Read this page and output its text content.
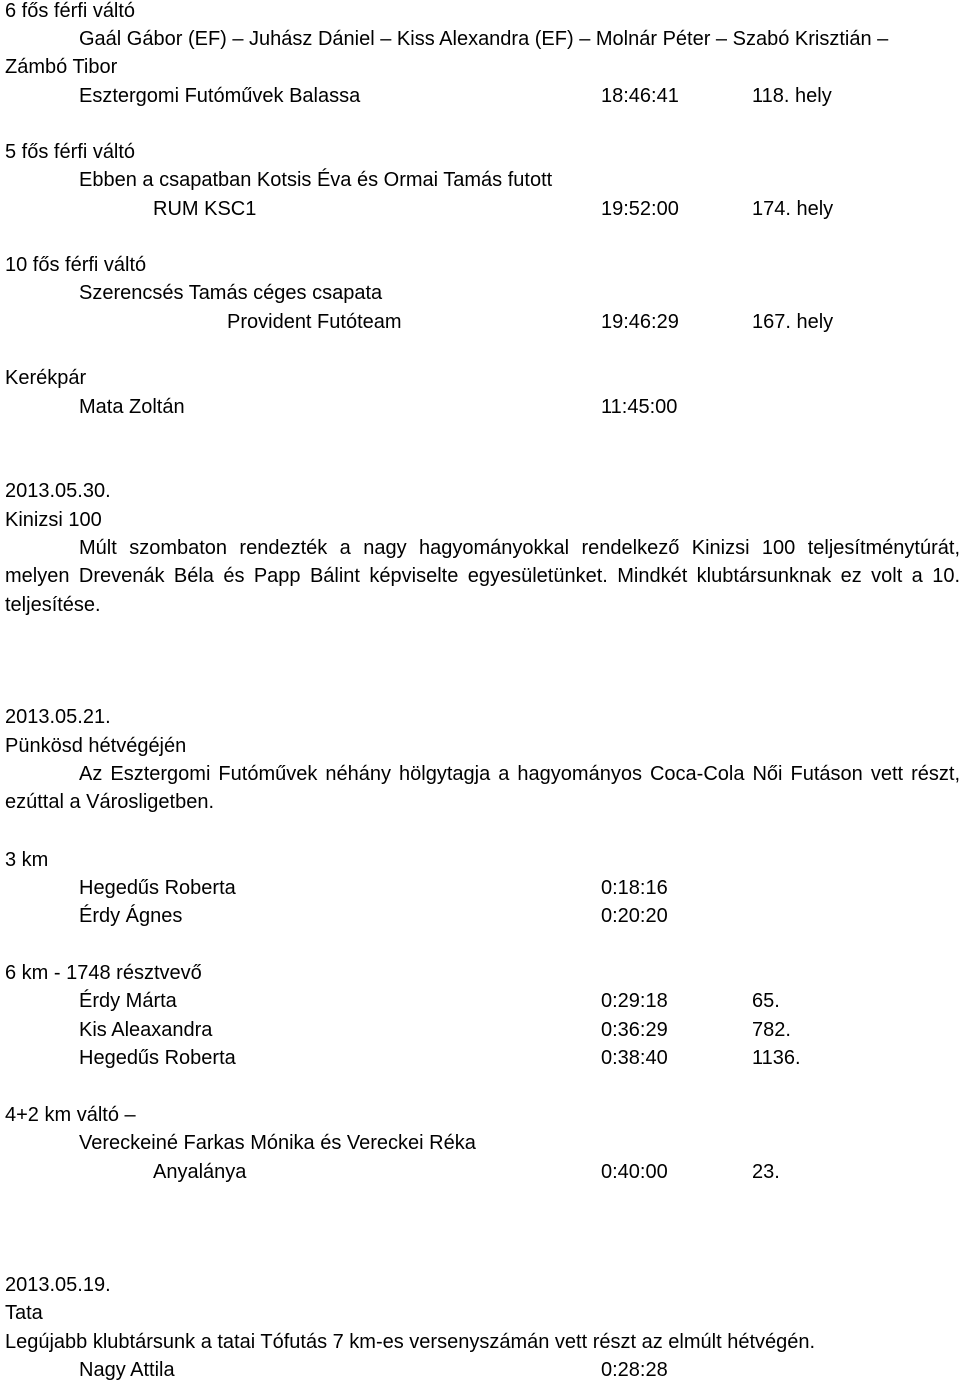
6 fős férfi váltó
Gaál Gábor (EF) – Juhász Dániel – Kiss Alexandra (EF) – Molnár Péter – Szabó Krisztián –
Zámbó Tibor
Esztergomi Futóművek Balassa	18:46:41	118. hely
5 fős férfi váltó
Ebben a csapatban Kotsis Éva és Ormai Tamás futott
RUM KSC1	19:52:00	174. hely
10 fős férfi váltó
Szerencsés Tamás céges csapata
Provident Futóteam	19:46:29	167. hely
Kerékpár
Mata Zoltán	11:45:00
2013.05.30.
Kinizsi 100
Múlt szombaton rendezték a nagy hagyományokkal rendelkező Kinizsi 100 teljesítménytúrát, melyen Drevenák Béla és Papp Bálint képviselte egyesületünket. Mindkét klubtársunknak ez volt a 10. teljesítése.
2013.05.21.
Pünkösd hétvégéjén
Az Esztergomi Futóművek néhány hölgytagja a hagyományos Coca-Cola Női Futáson vett részt, ezúttal a Városligetben.
3 km
Hegedűs Roberta	0:18:16
Érdy Ágnes	0:20:20
6 km - 1748 résztvevő
Érdy Márta	0:29:18	65.
Kis Aleaxandra	0:36:29	782.
Hegedűs Roberta	0:38:40	1136.
4+2 km váltó –
Vereckeiné Farkas Mónika és Vereckei Réka
Anyalánya	0:40:00	23.
2013.05.19.
Tata
Legújabb klubtársunk a tatai Tófutás 7 km-es versenyszámán vett részt az elmúlt hétvégén.
Nagy Attila	0:28:28
